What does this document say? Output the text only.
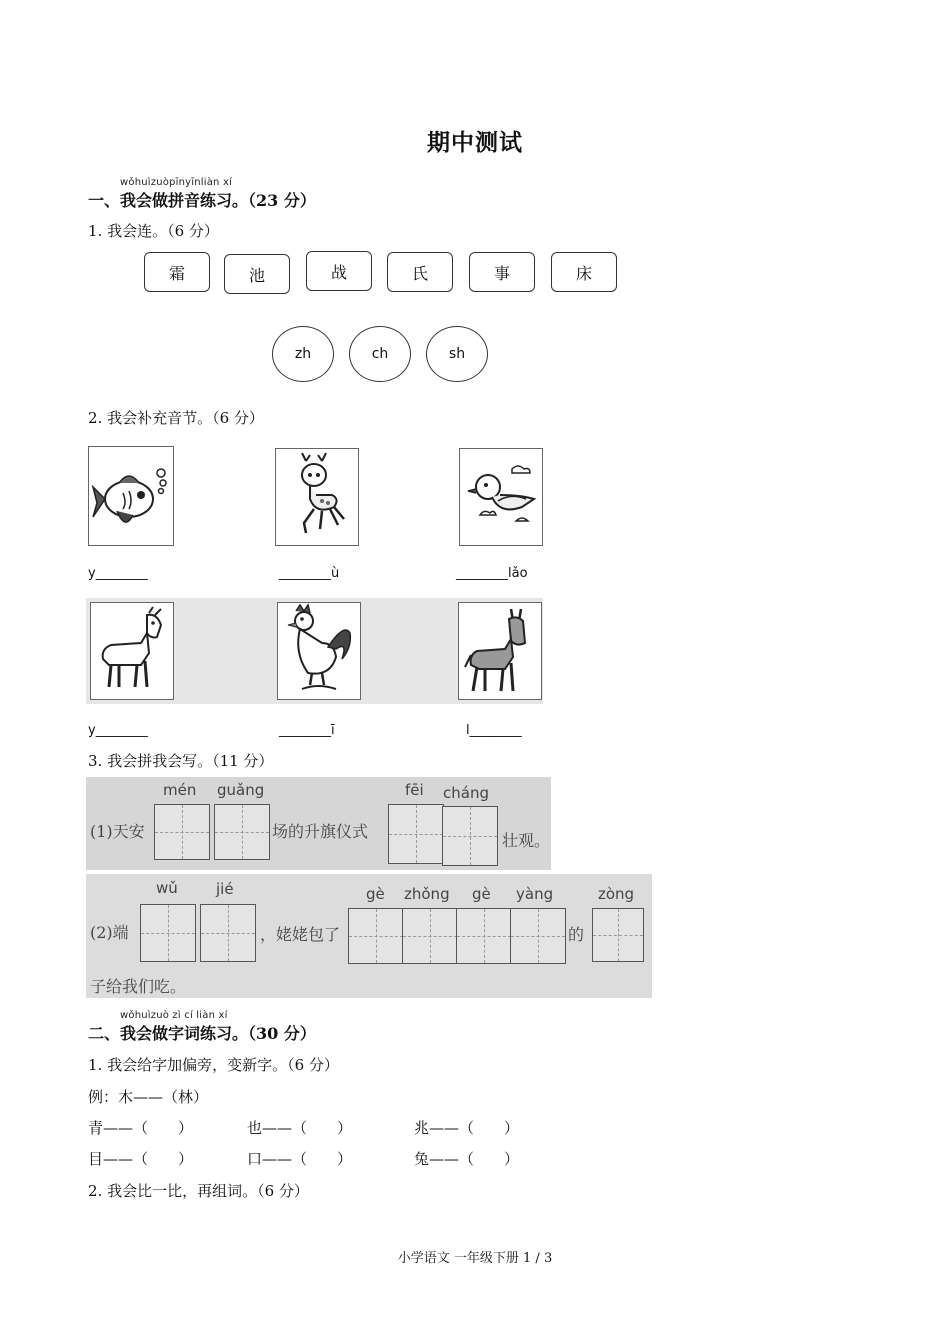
期中测试
wǒhuìzuòpīnyīnliàn xí
一、我会做拼音练习。（23 分）
1. 我会连。（6 分）
霜	池	战	氏	事	床
zh	ch	sh
2. 我会补充音节。（6 分）
y________	________ù	________lǎo
y________	________ī	l________
3. 我会拼我会写。（11 分）
mén guǎng	fēi cháng
(1)天安	场的升旗仪式	壮观。
wǔ	jié	gè zhǒng gè yàng	zòng
(2)端	，姥姥包了	的
子给我们吃。
wǒhuìzuò zì cí liàn xí
二、我会做字词练习。（30 分）
1. 我会给字加偏旁，变新字。（6 分）
例：木——（林）
青——（　　）	也——（　　）	兆——（　　）
目——（　　）	口——（　　）	兔——（　　）
2. 我会比一比，再组词。（6 分）
小学语文 一年级下册 1 / 3
